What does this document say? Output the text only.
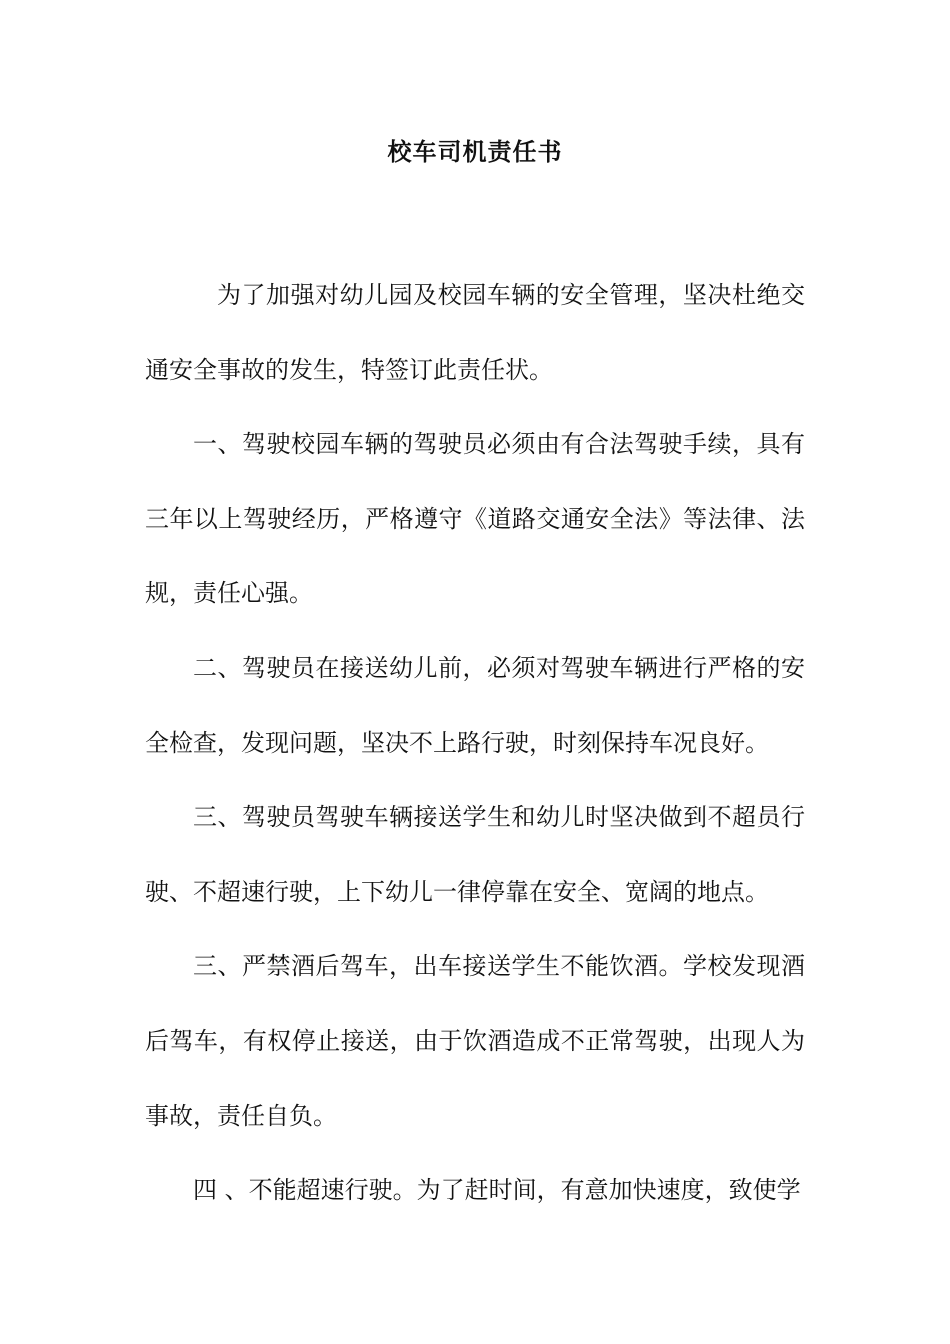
校车司机责任书

为了加强对幼儿园及校园车辆的安全管理，坚决杜绝交通安全事故的发生，特签订此责任状。

一、驾驶校园车辆的驾驶员必须由有合法驾驶手续，具有三年以上驾驶经历，严格遵守《道路交通安全法》等法律、法规，责任心强。

二、驾驶员在接送幼儿前，必须对驾驶车辆进行严格的安全检查，发现问题，坚决不上路行驶，时刻保持车况良好。

三、驾驶员驾驶车辆接送学生和幼儿时坚决做到不超员行驶、不超速行驶，上下幼儿一律停靠在安全、宽阔的地点。

三、严禁酒后驾车，出车接送学生不能饮酒。学校发现酒后驾车，有权停止接送，由于饮酒造成不正常驾驶，出现人为事故，责任自负。

四 、不能超速行驶。为了赶时间，有意加快速度，致使学
